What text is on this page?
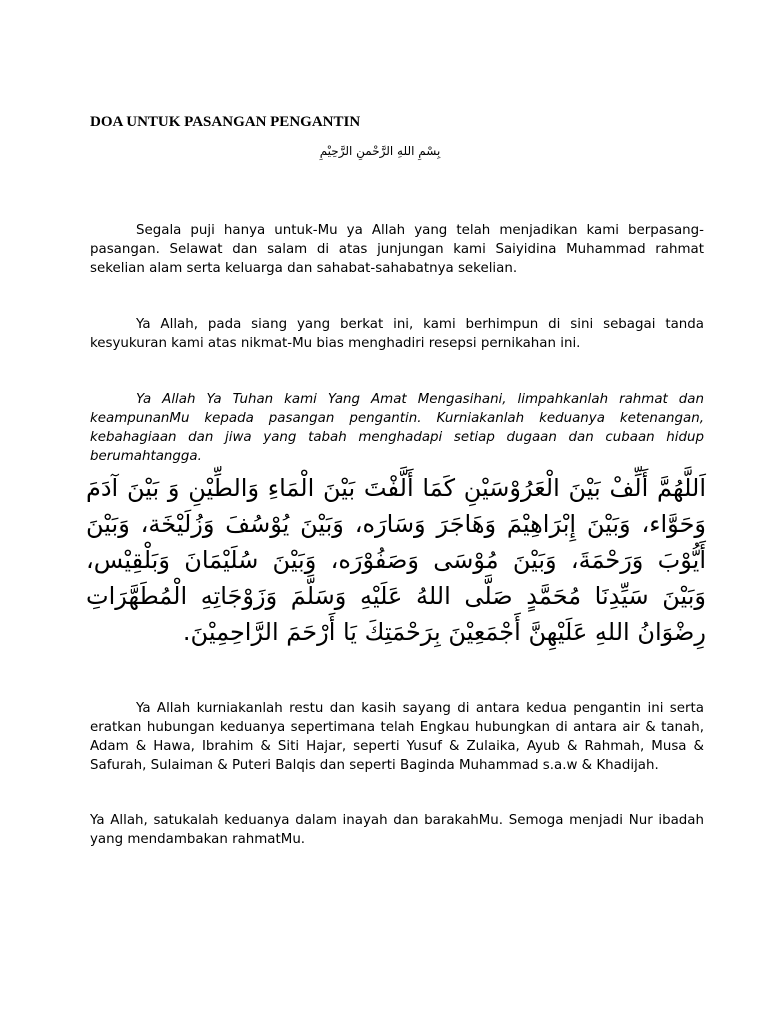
DOA UNTUK PASANGAN PENGANTIN
بِسْمِ اللهِ الرَّحْمنِ الرَّحِيْمِ

Segala puji hanya untuk-Mu ya Allah yang telah menjadikan kami berpasang-pasangan. Selawat dan salam di atas junjungan kami Saiyidina Muhammad rahmat sekelian alam serta keluarga dan sahabat-sahabatnya sekelian.

Ya Allah, pada siang yang berkat ini, kami berhimpun di sini sebagai tanda kesyukuran kami atas nikmat-Mu bias menghadiri resepsi pernikahan ini.

Ya Allah Ya Tuhan kami Yang Amat Mengasihani, limpahkanlah rahmat dan keampunanMu kepada pasangan pengantin. Kurniakanlah keduanya ketenangan, kebahagiaan dan jiwa yang tabah menghadapi setiap dugaan dan cubaan hidup berumahtangga.

اَللَّهُمَّ أَلِّفْ بَيْنَ الْعَرُوْسَيْنِ كَمَا أَلَّفْتَ بَيْنَ الْمَاءِ وَالطِّيْنِ وَ بَيْنَ آدَمَ وَحَوَّاء، وَبَيْنَ إِبْرَاهِيْمَ وَهَاجَرَ وَسَارَه، وَبَيْنَ يُوْسُفَ وَزُلَيْخَة، وَبَيْنَ أَيُّوْبَ وَرَحْمَةَ، وَبَيْنَ مُوْسَى وَصَفُوْرَه، وَبَيْنَ سُلَيْمَانَ وَبَلْقِيْس، وَبَيْنَ سَيِّدِنَا مُحَمَّدٍ صَلَّى اللهُ عَلَيْهِ وَسَلَّمَ وَزَوْجَاتِهِ الْمُطَهَّرَاتِ رِضْوَانُ اللهِ عَلَيْهِنَّ أَجْمَعِيْنَ بِرَحْمَتِكَ يَا أَرْحَمَ الرَّاحِمِيْنَ.

Ya Allah kurniakanlah restu dan kasih sayang di antara kedua pengantin ini serta eratkan hubungan keduanya sepertimana telah Engkau hubungkan di antara air & tanah, Adam & Hawa, Ibrahim & Siti Hajar, seperti Yusuf & Zulaika, Ayub & Rahmah, Musa & Safurah, Sulaiman & Puteri Balqis dan seperti Baginda Muhammad s.a.w & Khadijah.

Ya Allah, satukalah keduanya dalam inayah dan barakahMu. Semoga menjadi Nur ibadah yang mendambakan rahmatMu.
